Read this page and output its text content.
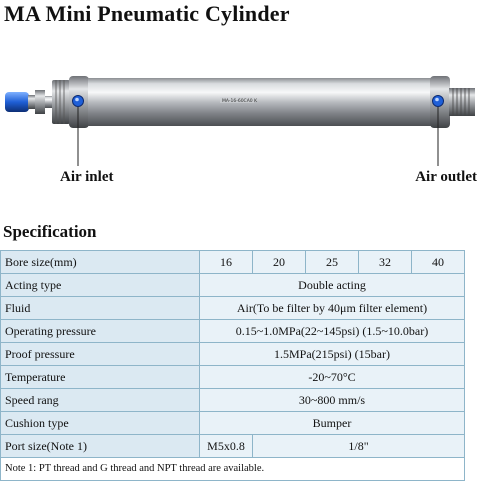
MA Mini Pneumatic Cylinder
MA-16-60CA0 K
Air inlet	Air outlet
Specification
Bore size(mm)	16	20	25	32	40
Acting type	Double acting				
Fluid	Air(To be filter by 40μm filter element)				
Operating pressure	0.15~1.0MPa(22~145psi) (1.5~10.0bar)				
Proof pressure	1.5MPa(215psi) (15bar)				
Temperature	-20~70°C				
Speed rang	30~800 mm/s				
Cushion type	Bumper				
Port size(Note 1)	M5x0.8	1/8"			
Note 1: PT thread and G thread and NPT thread are available.					
